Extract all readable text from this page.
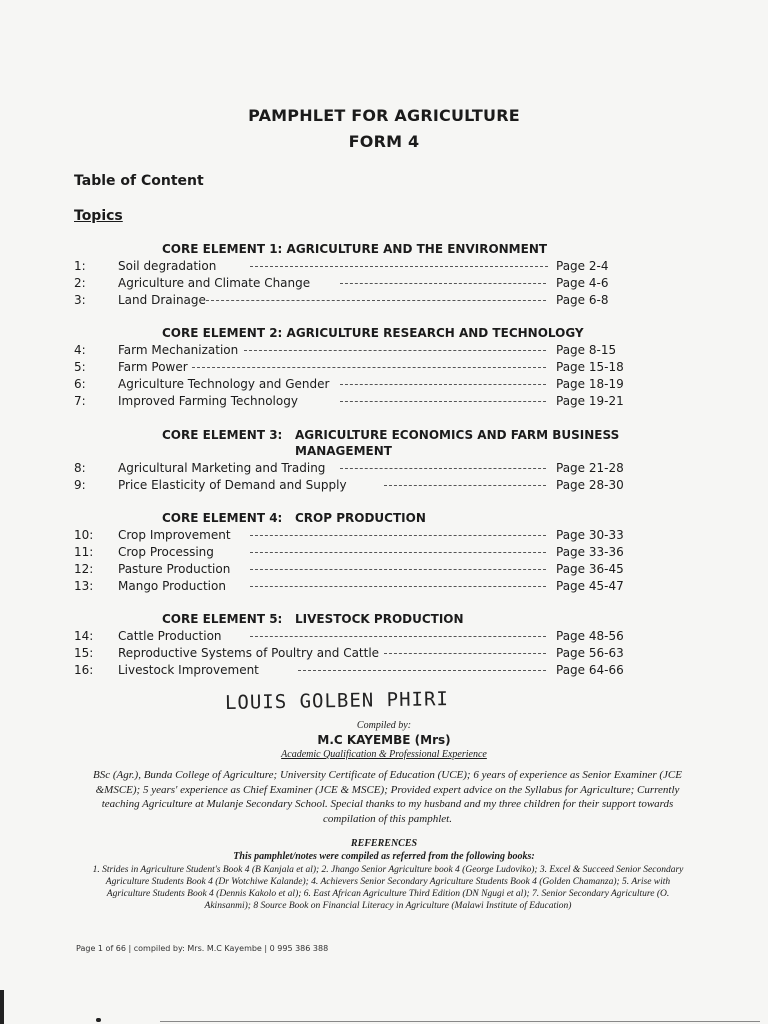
PAMPHLET FOR AGRICULTURE
FORM 4
Table of Content
Topics
CORE ELEMENT 1: AGRICULTURE AND THE ENVIRONMENT
CORE ELEMENT 2: AGRICULTURE RESEARCH AND TECHNOLOGY
CORE ELEMENT 3: AGRICULTURE ECONOMICS AND FARM BUSINESS
MANAGEMENT
CORE ELEMENT 4: CROP PRODUCTION
CORE ELEMENT 5: LIVESTOCK PRODUCTION
1:	Soil degradation	Page 2-4
2:	Agriculture and Climate Change	Page 4-6
3:	Land Drainage	Page 6-8
4:	Farm Mechanization	Page 8-15
5:	Farm Power	Page 15-18
6:	Agriculture Technology and Gender	Page 18-19
7:	Improved Farming Technology	Page 19-21
8:	Agricultural Marketing and Trading	Page 21-28
9:	Price Elasticity of Demand and Supply	Page 28-30
10: Crop Improvement	Page 30-33
11: Crop Processing	Page 33-36
12: Pasture Production	Page 36-45
13: Mango Production	Page 45-47
14: Cattle Production	Page 48-56
15: Reproductive Systems of Poultry and Cattle	Page 56-63
16: Livestock Improvement	Page 64-66
LOUIS GOLBEN PHIRI
Compiled by:
M.C KAYEMBE (Mrs)
Academic Qualification & Professional Experience
BSc (Agr.), Bunda College of Agriculture; University Certificate of Education (UCE); 6 years of experience as Senior Examiner (JCE &MSCE); 5 years' experience as Chief Examiner (JCE & MSCE); Provided expert advice on the Syllabus for Agriculture; Currently teaching Agriculture at Mulanje Secondary School. Special thanks to my husband and my three children for their support towards compilation of this pamphlet.
REFERENCES
This pamphlet/notes were compiled as referred from the following books:
1. Strides in Agriculture Student's Book 4 (B Kanjala et al); 2. Jhango Senior Agriculture book 4 (George Ludoviko); 3. Excel & Succeed Senior Secondary Agriculture Students Book 4 (Dr Wotchiwe Kalande); 4. Achievers Senior Secondary Agriculture Students Book 4 (Golden Chamanza); 5. Arise with Agriculture Students Book 4 (Dennis Kakolo et al); 6. East African Agriculture Third Edition (DN Ngugi et al); 7. Senior Secondary Agriculture (O. Akinsanmi); 8 Source Book on Financial Literacy in Agriculture (Malawi Institute of Education)
Page 1 of 66 | compiled by: Mrs. M.C Kayembe | 0 995 386 388
